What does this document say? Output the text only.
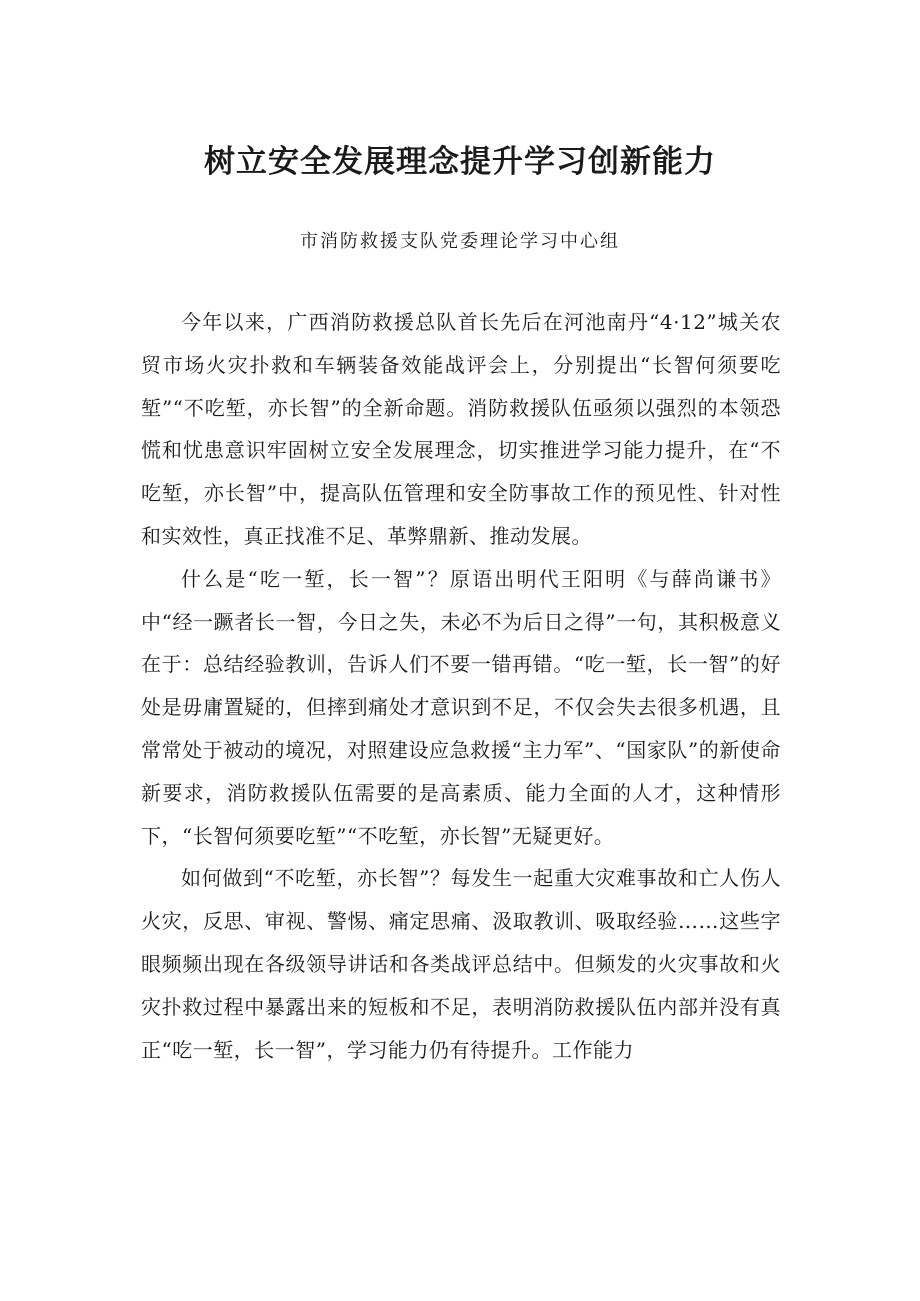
树立安全发展理念提升学习创新能力

市消防救援支队党委理论学习中心组

今年以来，广西消防救援总队首长先后在河池南丹“4·12”城关农贸市场火灾扑救和车辆装备效能战评会上，分别提出“长智何须要吃堑”“不吃堑，亦长智”的全新命题。消防救援队伍亟须以强烈的本领恐慌和忧患意识牢固树立安全发展理念，切实推进学习能力提升，在“不吃堑，亦长智”中，提高队伍管理和安全防事故工作的预见性、针对性和实效性，真正找准不足、革弊鼎新、推动发展。

什么是“吃一堑，长一智”？原语出明代王阳明《与薛尚谦书》中“经一蹶者长一智，今日之失，未必不为后日之得”一句，其积极意义在于：总结经验教训，告诉人们不要一错再错。“吃一堑，长一智”的好处是毋庸置疑的，但摔到痛处才意识到不足，不仅会失去很多机遇，且常常处于被动的境况，对照建设应急救援“主力军”、“国家队”的新使命新要求，消防救援队伍需要的是高素质、能力全面的人才，这种情形下，“长智何须要吃堑”“不吃堑，亦长智”无疑更好。

如何做到“不吃堑，亦长智”？每发生一起重大灾难事故和亡人伤人火灾，反思、审视、警惕、痛定思痛、汲取教训、吸取经验……这些字眼频频出现在各级领导讲话和各类战评总结中。但频发的火灾事故和火灾扑救过程中暴露出来的短板和不足，表明消防救援队伍内部并没有真正“吃一堑，长一智”，学习能力仍有待提升。工作能力
